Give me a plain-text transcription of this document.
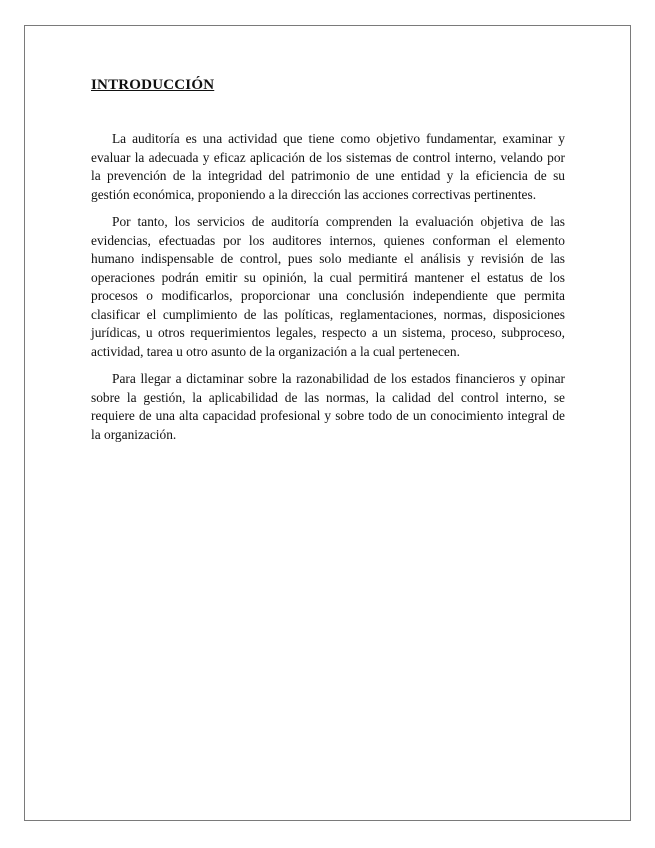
INTRODUCCIÓN

La auditoría es una actividad que tiene como objetivo fundamentar, examinar y evaluar la adecuada y eficaz aplicación de los sistemas de control interno, velando por la prevención de la integridad del patrimonio de une entidad y la eficiencia de su gestión económica, proponiendo a la dirección las acciones correctivas pertinentes.

Por tanto, los servicios de auditoría comprenden la evaluación objetiva de las evidencias, efectuadas por los auditores internos, quienes conforman el elemento humano indispensable de control, pues solo mediante el análisis y revisión de las operaciones podrán emitir su opinión, la cual permitirá mantener el estatus de los procesos o modificarlos, proporcionar una conclusión independiente que permita clasificar el cumplimiento de las políticas, reglamentaciones, normas, disposiciones jurídicas, u otros requerimientos legales, respecto a un sistema, proceso, subproceso, actividad, tarea u otro asunto de la organización a la cual pertenecen.

Para llegar a dictaminar sobre la razonabilidad de los estados financieros y opinar sobre la gestión, la aplicabilidad de las normas, la calidad del control interno, se requiere de una alta capacidad profesional y sobre todo de un conocimiento integral de la organización.
